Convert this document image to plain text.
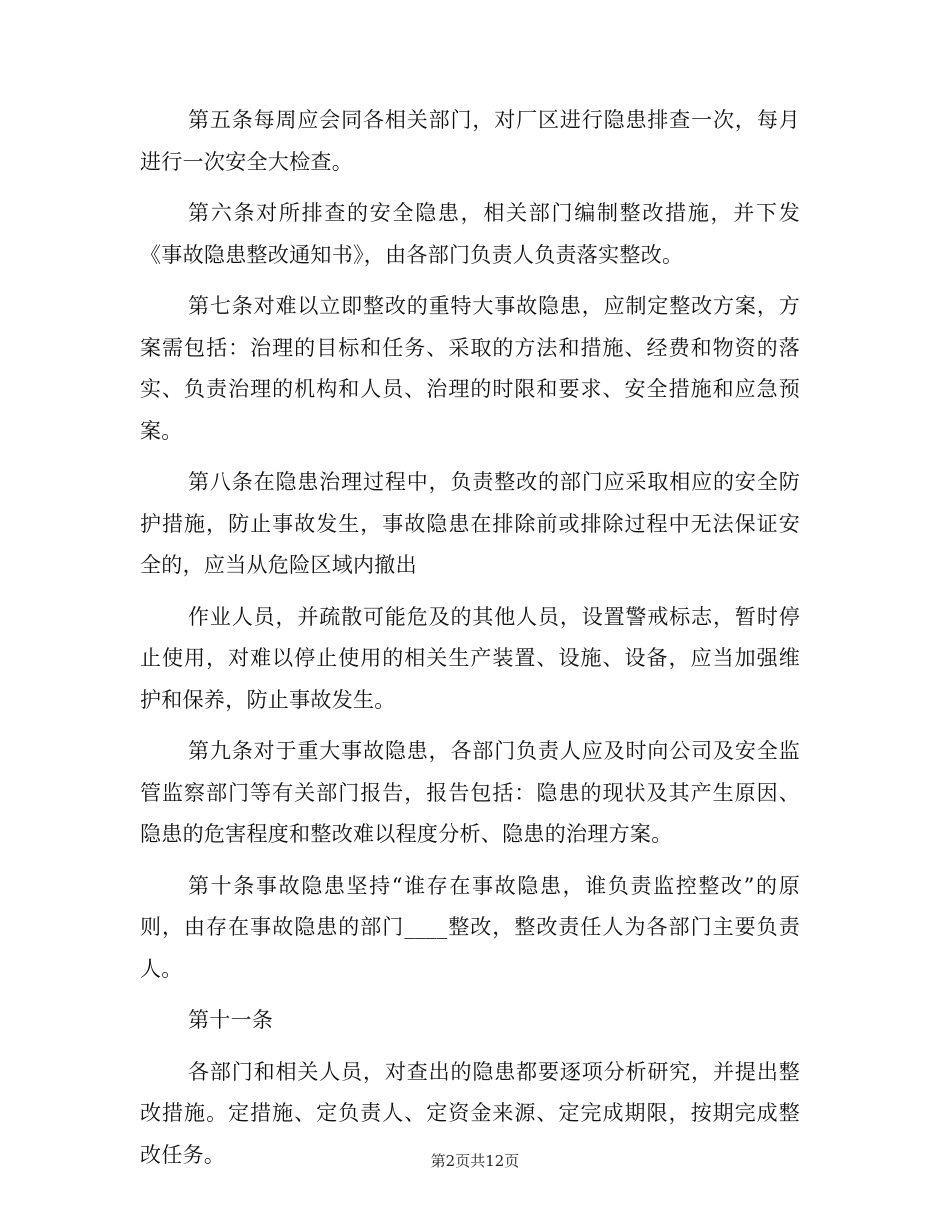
第五条每周应会同各相关部门，对厂区进行隐患排查一次，每月进行一次安全大检查。

第六条对所排查的安全隐患，相关部门编制整改措施，并下发《事故隐患整改通知书》，由各部门负责人负责落实整改。

第七条对难以立即整改的重特大事故隐患，应制定整改方案，方案需包括：治理的目标和任务、采取的方法和措施、经费和物资的落实、负责治理的机构和人员、治理的时限和要求、安全措施和应急预案。

第八条在隐患治理过程中，负责整改的部门应采取相应的安全防护措施，防止事故发生，事故隐患在排除前或排除过程中无法保证安全的，应当从危险区域内撤出

作业人员，并疏散可能危及的其他人员，设置警戒标志，暂时停止使用，对难以停止使用的相关生产装置、设施、设备，应当加强维护和保养，防止事故发生。

第九条对于重大事故隐患，各部门负责人应及时向公司及安全监管监察部门等有关部门报告，报告包括：隐患的现状及其产生原因、隐患的危害程度和整改难以程度分析、隐患的治理方案。

第十条事故隐患坚持“谁存在事故隐患，谁负责监控整改”的原则，由存在事故隐患的部门____整改，整改责任人为各部门主要负责人。

第十一条

各部门和相关人员，对查出的隐患都要逐项分析研究，并提出整改措施。定措施、定负责人、定资金来源、定完成期限，按期完成整改任务。	第2页共12页
